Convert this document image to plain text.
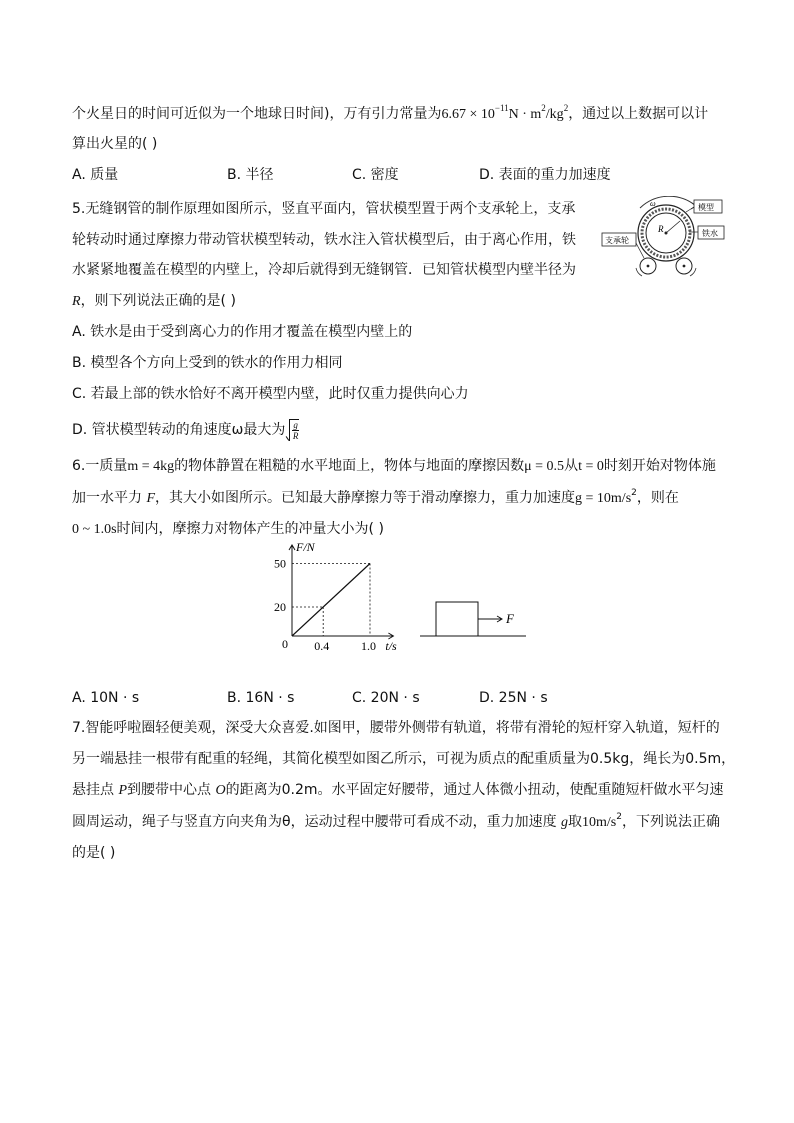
个火星日的时间可近似为一个地球日时间)，万有引力常量为$6.67 \times 10^{-11}N \cdot m^2/kg^2$，通过以上数据可以计
算出火星的( )
A. 质量	B. 半径	C. 密度	D. 表面的重力加速度
5.无缝钢管的制作原理如图所示，竖直平面内，管状模型置于两个支承轮上，支承
轮转动时通过摩擦力带动管状模型转动，铁水注入管状模型后，由于离心作用，铁
水紧紧地覆盖在模型的内壁上，冷却后就得到无缝钢管．已知管状模型内壁半径为
R，则下列说法正确的是( )
A. 铁水是由于受到离心力的作用才覆盖在模型内壁上的
B. 模型各个方向上受到的铁水的作用力相同
C. 若最上部的铁水恰好不离开模型内壁，此时仅重力提供向心力
D. 管状模型转动的角速度ω最大为 $\frac{g}{R}$
ω
R
模型
铁水
支承轮
6.一质量m = 4kg的物体静置在粗糙的水平地面上，物体与地面的摩擦因数μ = 0.5从t = 0时刻开始对物体施
加一水平力 F，其大小如图所示。已知最大静摩擦力等于滑动摩擦力，重力加速度$g = 10m/s^2$，则在
0 ~ 1.0s时间内，摩擦力对物体产生的冲量大小为( )
F/N
t/s
0 0.4	1.0
20
50
F
A. 10N · s	B. 16N · s	C. 20N · s	D. 25N · s
7.智能呼啦圈轻便美观，深受大众喜爱.如图甲，腰带外侧带有轨道，将带有滑轮的短杆穿入轨道，短杆的
另一端悬挂一根带有配重的轻绳，其简化模型如图乙所示，可视为质点的配重质量为0.5kg，绳长为0.5m，
悬挂点 P到腰带中心点 O的距离为0.2m。水平固定好腰带，通过人体微小扭动，使配重随短杆做水平匀速
圆周运动，绳子与竖直方向夹角为θ，运动过程中腰带可看成不动，重力加速度 g取$10m/s^2$，下列说法正确
的是( )
